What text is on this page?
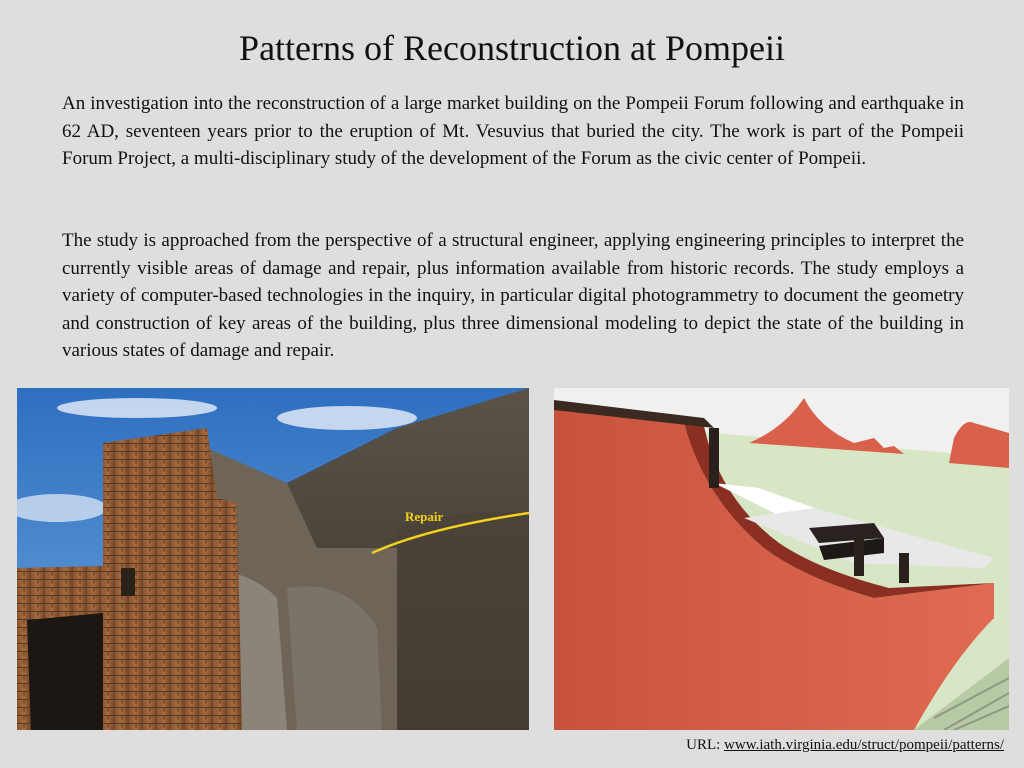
Patterns of Reconstruction at Pompeii

An investigation into the reconstruction of a large market building on the Pompeii Forum following and earthquake in 62 AD, seventeen years prior to the eruption of Mt. Vesuvius that buried the city. The work is part of the Pompeii Forum Project, a multi-disciplinary study of the development of the Forum as the civic center of Pompeii.

The study is approached from the perspective of a structural engineer, applying engineering principles to interpret the currently visible areas of damage and repair, plus information available from historic records. The study employs a variety of computer-based technologies in the inquiry, in particular digital photogrammetry to document the geometry and construction of key areas of the building, plus three dimensional modeling to depict the state of the building in various states of damage and repair.

Repair
URL: www.iath.virginia.edu/struct/pompeii/patterns/
